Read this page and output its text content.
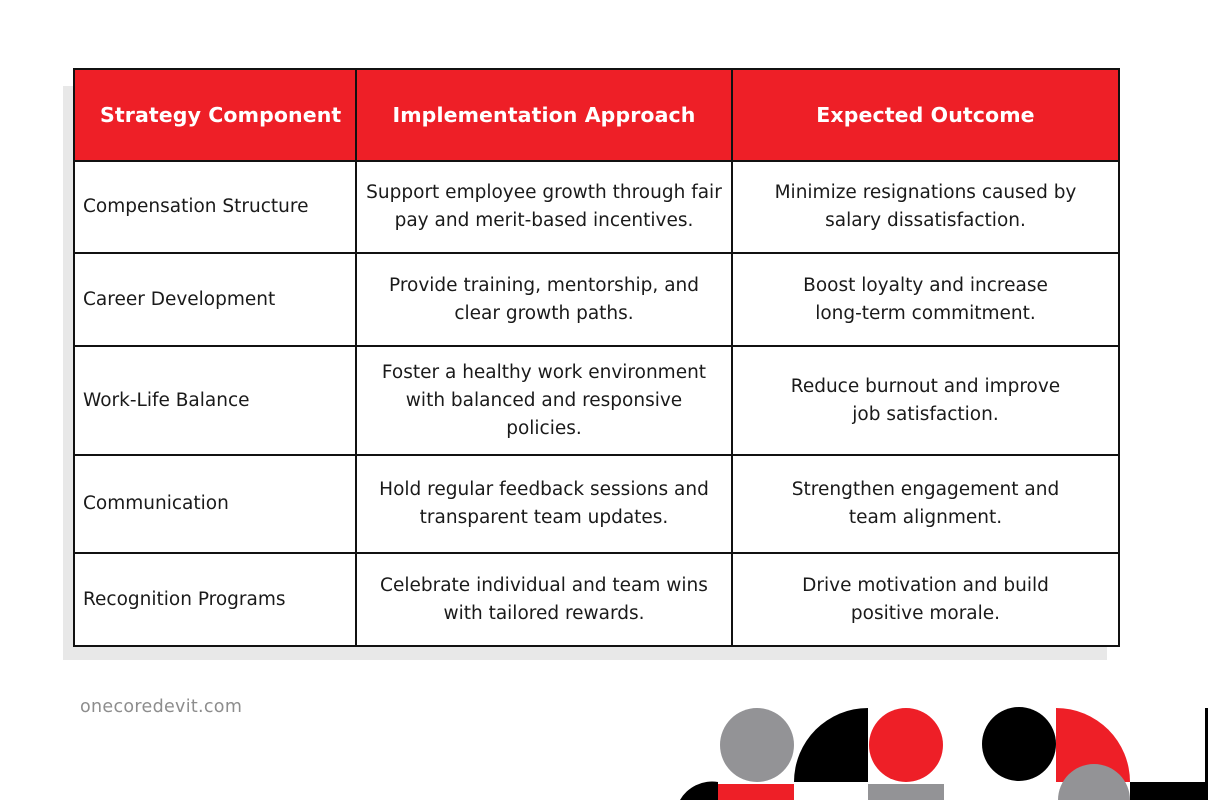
Strategy Component	Implementation Approach	Expected Outcome
Compensation Structure	Support employee growth through fair pay and merit-based incentives.	Minimize resignations caused by salary dissatisfaction.

Career Development	Provide training, mentorship, and clear growth paths.	Boost loyalty and increase long-term commitment.

Work-Life Balance	Foster a healthy work environment with balanced and responsive policies.	Reduce burnout and improve job satisfaction.

Communication	Hold regular feedback sessions and transparent team updates.	Strengthen engagement and team alignment.

Recognition Programs	Celebrate individual and team wins with tailored rewards.	Drive motivation and build positive morale.
onecoredevit.com
